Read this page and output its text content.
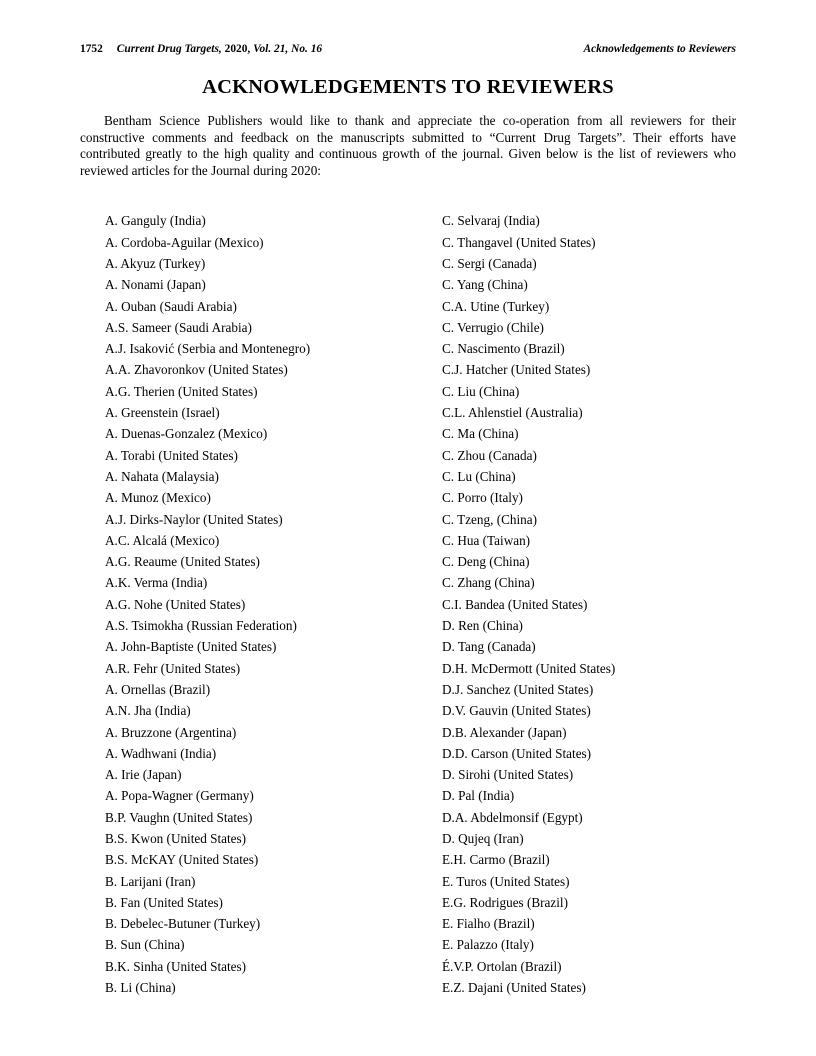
1752 Current Drug Targets, 2020, Vol. 21, No. 16	Acknowledgements to Reviewers
ACKNOWLEDGEMENTS TO REVIEWERS

Bentham Science Publishers would like to thank and appreciate the co-operation from all reviewers for their constructive comments and feedback on the manuscripts submitted to “Current Drug Targets”. Their efforts have contributed greatly to the high quality and continuous growth of the journal. Given below is the list of reviewers who reviewed articles for the Journal during 2020:

A. Ganguly (India)
A. Cordoba-Aguilar (Mexico)
A. Akyuz (Turkey)
A. Nonami (Japan)
A. Ouban (Saudi Arabia)
A.S. Sameer (Saudi Arabia)
A.J. Isaković (Serbia and Montenegro)
A.A. Zhavoronkov (United States)
A.G. Therien (United States)
A. Greenstein (Israel)
A. Duenas-Gonzalez (Mexico)
A. Torabi (United States)
A. Nahata (Malaysia)
A. Munoz (Mexico)
A.J. Dirks-Naylor (United States)
A.C. Alcalá (Mexico)
A.G. Reaume (United States)
A.K. Verma (India)
A.G. Nohe (United States)
A.S. Tsimokha (Russian Federation)
A. John-Baptiste (United States)
A.R. Fehr (United States)
A. Ornellas (Brazil)
A.N. Jha (India)
A. Bruzzone (Argentina)
A. Wadhwani (India)
A. Irie (Japan)
A. Popa-Wagner (Germany)
B.P. Vaughn (United States)
B.S. Kwon (United States)
B.S. McKAY (United States)
B. Larijani (Iran)
B. Fan (United States)
B. Debelec-Butuner (Turkey)
B. Sun (China)
B.K. Sinha (United States)
B. Li (China)
C. Selvaraj (India)
C. Thangavel (United States)
C. Sergi (Canada)
C. Yang (China)
C.A. Utine (Turkey)
C. Verrugio (Chile)
C. Nascimento (Brazil)
C.J. Hatcher (United States)
C. Liu (China)
C.L. Ahlenstiel (Australia)
C. Ma (China)
C. Zhou (Canada)
C. Lu (China)
C. Porro (Italy)
C. Tzeng, (China)
C. Hua (Taiwan)
C. Deng (China)
C. Zhang (China)
C.I. Bandea (United States)
D. Ren (China)
D. Tang (Canada)
D.H. McDermott (United States)
D.J. Sanchez (United States)
D.V. Gauvin (United States)
D.B. Alexander (Japan)
D.D. Carson (United States)
D. Sirohi (United States)
D. Pal (India)
D.A. Abdelmonsif (Egypt)
D. Qujeq (Iran)
E.H. Carmo (Brazil)
E. Turos (United States)
E.G. Rodrigues (Brazil)
E. Fialho (Brazil)
E. Palazzo (Italy)
É.V.P. Ortolan (Brazil)
E.Z. Dajani (United States)
